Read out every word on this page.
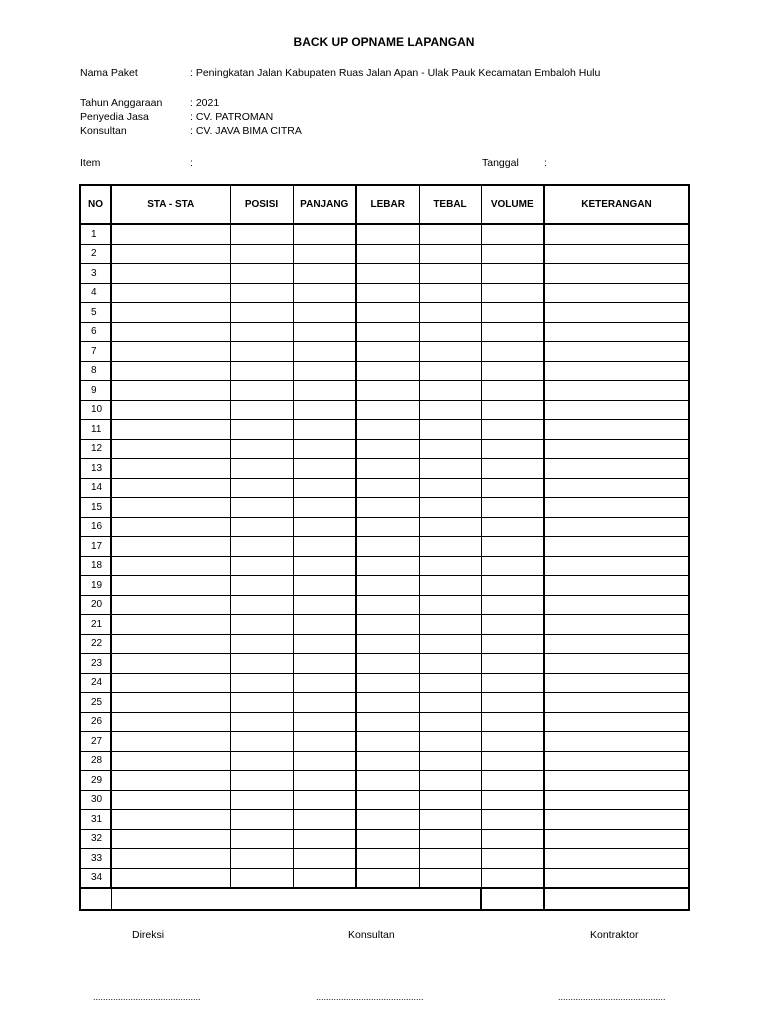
BACK UP OPNAME LAPANGAN
Nama Paket	: Peningkatan Jalan Kabupaten Ruas Jalan Apan - Ulak Pauk Kecamatan Embaloh Hulu
Tahun Anggaraan	: 2021
Penyedia Jasa	: CV. PATROMAN
Konsultan	: CV. JAVA BIMA CITRA
Item	:	Tanggal :
NO	STA - STA	POSISI	PANJANG	LEBAR	TEBAL	VOLUME	KETERANGAN
1							
2							
3							
4							
5							
6							
7							
8							
9							
10							
11							
12							
13							
14							
15							
16							
17							
18							
19							
20							
21							
22							
23							
24							
25							
26							
27							
28							
29							
30							
31							
32							
33							
34							

Direksi	Konsultan	Kontraktor
...........................................	...........................................	...........................................
